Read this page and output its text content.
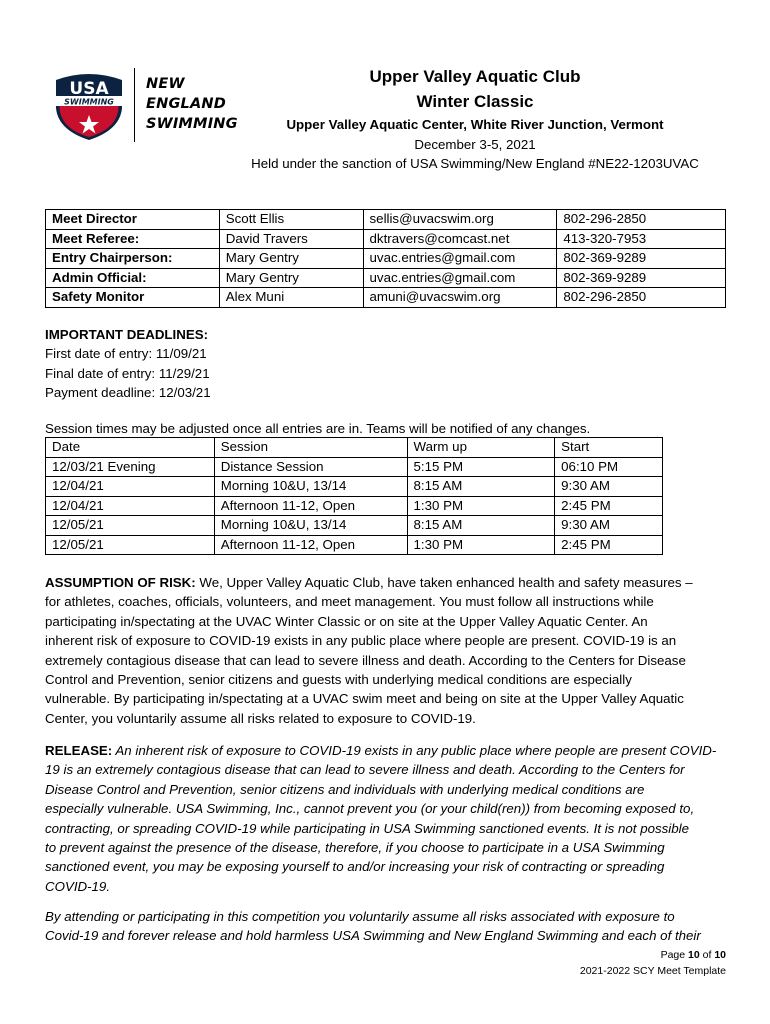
USA
SWIMMING
NEW
ENGLAND
SWIMMING
Upper Valley Aquatic Club
Winter Classic
Upper Valley Aquatic Center, White River Junction, Vermont
December 3-5, 2021
Held under the sanction of USA Swimming/New England #NE22-1203UVAC
Meet Director	Scott Ellis	sellis@uvacswim.org	802-296-2850
Meet Referee:	David Travers	dktravers@comcast.net	413-320-7953
Entry Chairperson:	Mary Gentry	uvac.entries@gmail.com	802-369-9289
Admin Official:	Mary Gentry	uvac.entries@gmail.com	802-369-9289
Safety Monitor	Alex Muni	amuni@uvacswim.org	802-296-2850
IMPORTANT DEADLINES:
First date of entry: 11/09/21
Final date of entry: 11/29/21
Payment deadline: 12/03/21
Session times may be adjusted once all entries are in. Teams will be notified of any changes.
Date	Session	Warm up	Start
12/03/21 Evening	Distance Session	5:15 PM	06:10 PM
12/04/21	Morning 10&U, 13/14	8:15 AM	9:30 AM
12/04/21	Afternoon 11-12, Open	1:30 PM	2:45 PM
12/05/21	Morning 10&U, 13/14	8:15 AM	9:30 AM
12/05/21	Afternoon 11-12, Open	1:30 PM	2:45 PM
ASSUMPTION OF RISK: We, Upper Valley Aquatic Club, have taken enhanced health and safety measures –
for athletes, coaches, officials, volunteers, and meet management. You must follow all instructions while
participating in/spectating at the UVAC Winter Classic or on site at the Upper Valley Aquatic Center. An
inherent risk of exposure to COVID-19 exists in any public place where people are present. COVID-19 is an
extremely contagious disease that can lead to severe illness and death. According to the Centers for Disease
Control and Prevention, senior citizens and guests with underlying medical conditions are especially
vulnerable. By participating in/spectating at a UVAC swim meet and being on site at the Upper Valley Aquatic
Center, you voluntarily assume all risks related to exposure to COVID-19.
RELEASE: An inherent risk of exposure to COVID-19 exists in any public place where people are present COVID-
19 is an extremely contagious disease that can lead to severe illness and death. According to the Centers for
Disease Control and Prevention, senior citizens and individuals with underlying medical conditions are
especially vulnerable. USA Swimming, Inc., cannot prevent you (or your child(ren)) from becoming exposed to,
contracting, or spreading COVID-19 while participating in USA Swimming sanctioned events. It is not possible
to prevent against the presence of the disease, therefore, if you choose to participate in a USA Swimming
sanctioned event, you may be exposing yourself to and/or increasing your risk of contracting or spreading
COVID-19.
By attending or participating in this competition you voluntarily assume all risks associated with exposure to
Covid-19 and forever release and hold harmless USA Swimming and New England Swimming and each of their
Page 10 of 10
2021-2022 SCY Meet Template
